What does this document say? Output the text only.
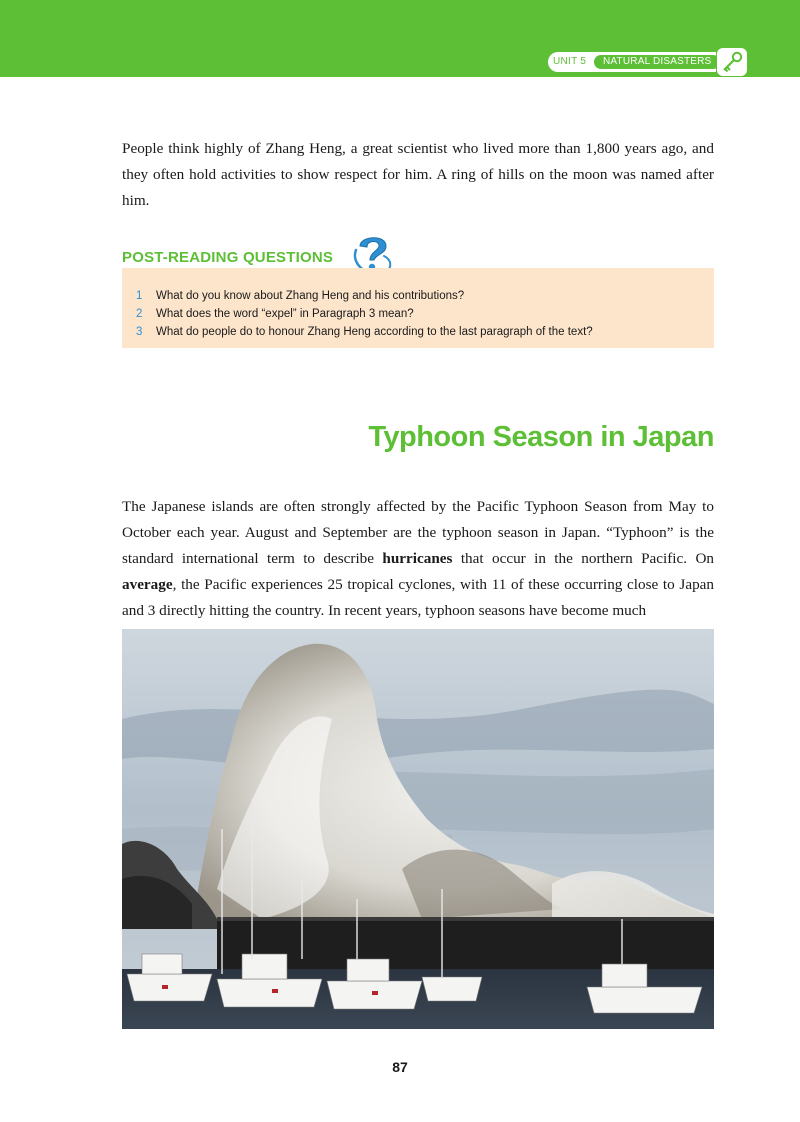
UNIT 5	NATURAL DISASTERS

People think highly of Zhang Heng, a great scientist who lived more than 1,800 years ago, and they often hold activities to show respect for him. A ring of hills on the moon was named after him.

POST-READING QUESTIONS
1 What do you know about Zhang Heng and his contributions?
2 What does the word “expel” in Paragraph 3 mean?
3 What do people do to honour Zhang Heng according to the last paragraph of the text?
Typhoon Season in Japan

The Japanese islands are often strongly affected by the Pacific Typhoon Season from May to October each year. August and September are the typhoon season in Japan. “Typhoon” is the standard international term to describe hurricanes that occur in the northern Pacific. On average, the Pacific experiences 25 tropical cyclones, with 11 of these occurring close to Japan and 3 directly hitting the country. In recent years, typhoon seasons have become much

87
